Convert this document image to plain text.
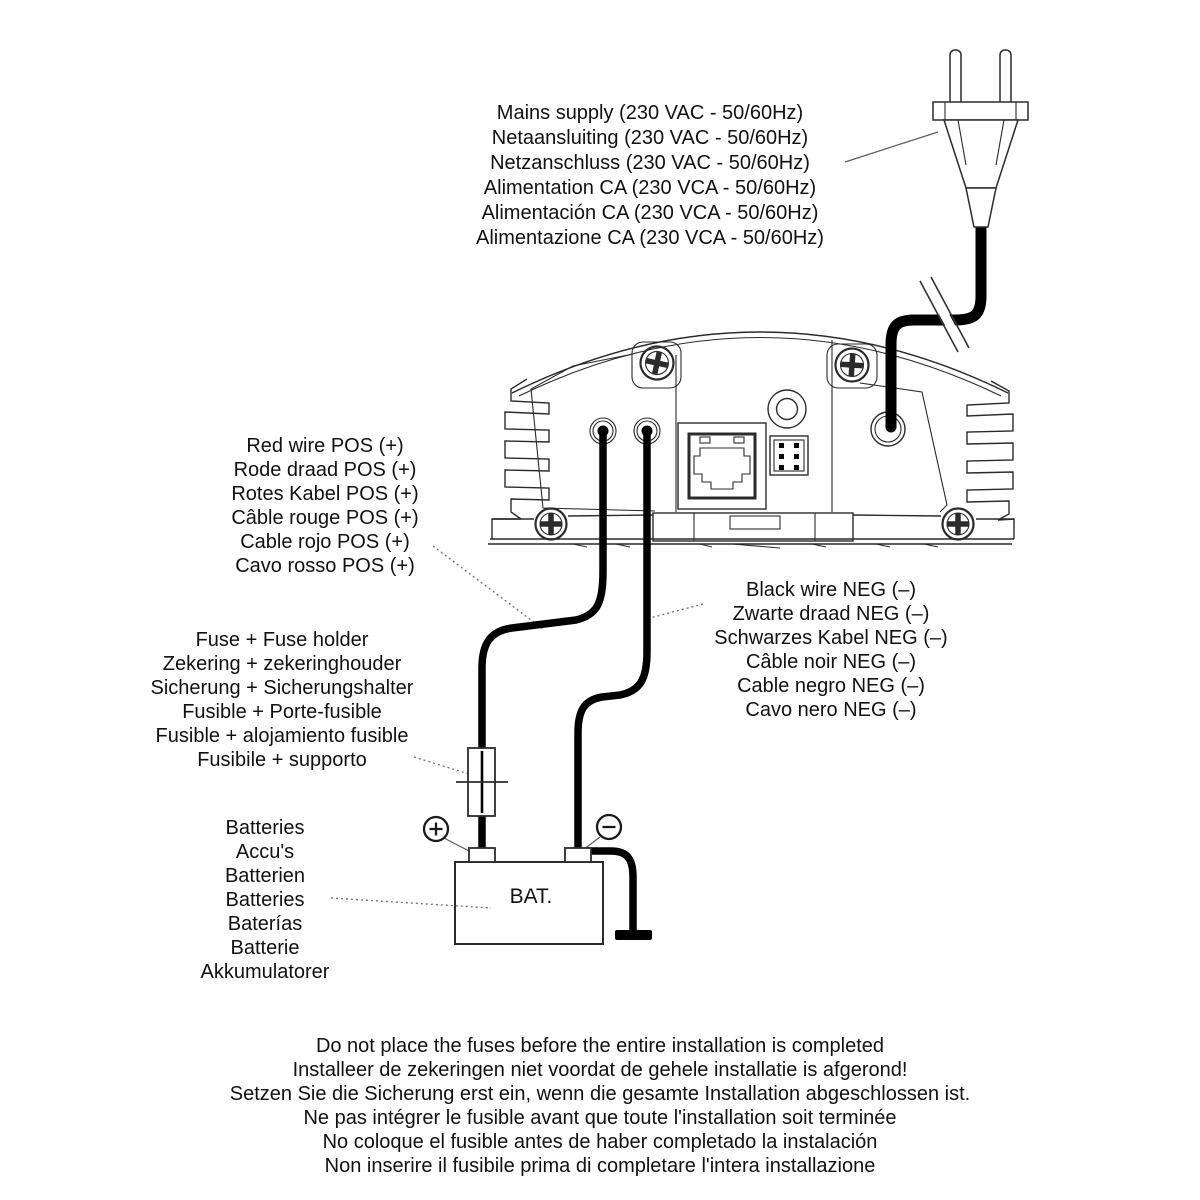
BAT.
Mains supply (230 VAC - 50/60Hz)
Netaansluiting (230 VAC - 50/60Hz)
Netzanschluss (230 VAC - 50/60Hz)
Alimentation CA (230 VCA - 50/60Hz)
Alimentación CA (230 VCA - 50/60Hz)
Alimentazione CA (230 VCA - 50/60Hz)
Red wire POS (+)
Rode draad POS (+)
Rotes Kabel POS (+)
Câble rouge POS (+)
Cable rojo POS (+)
Cavo rosso POS (+)
Black wire NEG (–)
Zwarte draad NEG (–)
Schwarzes Kabel NEG (–)
Câble noir NEG (–)
Cable negro NEG (–)
Cavo nero NEG (–)
Fuse + Fuse holder
Zekering + zekeringhouder
Sicherung + Sicherungshalter
Fusible + Porte-fusible
Fusible + alojamiento fusible
Fusibile + supporto
Batteries
Accu's
Batterien
Batteries
Baterías
Batterie
Akkumulatorer
Do not place the fuses before the entire installation is completed
Installeer de zekeringen niet voordat de gehele installatie is afgerond!
Setzen Sie die Sicherung erst ein, wenn die gesamte Installation abgeschlossen ist.
Ne pas intégrer le fusible avant que toute l'installation soit terminée
No coloque el fusible antes de haber completado la instalación
Non inserire il fusibile prima di completare l'intera installazione
